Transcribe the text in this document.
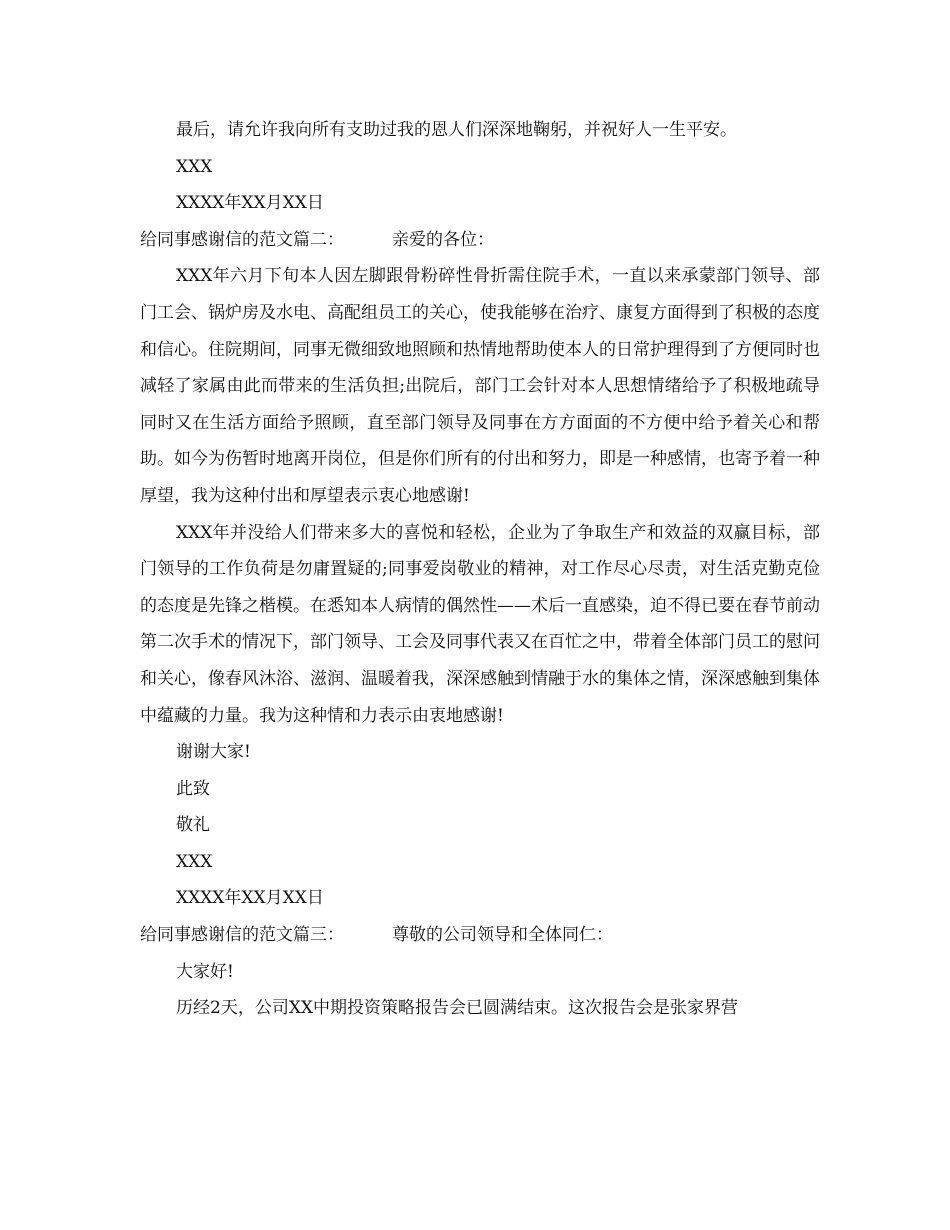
最后，请允许我向所有支助过我的恩人们深深地鞠躬，并祝好人一生平安。

XXX

XXXX年XX月XX日

给同事感谢信的范文篇二：	亲爱的各位：

XXX年六月下旬本人因左脚跟骨粉碎性骨折需住院手术，一直以来承蒙部门领导、部门工会、锅炉房及水电、高配组员工的关心，使我能够在治疗、康复方面得到了积极的态度和信心。住院期间，同事无微细致地照顾和热情地帮助使本人的日常护理得到了方便同时也减轻了家属由此而带来的生活负担;出院后，部门工会针对本人思想情绪给予了积极地疏导同时又在生活方面给予照顾，直至部门领导及同事在方方面面的不方便中给予着关心和帮助。如今为伤暂时地离开岗位，但是你们所有的付出和努力，即是一种感情，也寄予着一种厚望，我为这种付出和厚望表示衷心地感谢!

XXX年并没给人们带来多大的喜悦和轻松，企业为了争取生产和效益的双赢目标，部门领导的工作负荷是勿庸置疑的;同事爱岗敬业的精神，对工作尽心尽责，对生活克勤克俭的态度是先锋之楷模。在悉知本人病情的偶然性——术后一直感染，迫不得已要在春节前动第二次手术的情况下，部门领导、工会及同事代表又在百忙之中，带着全体部门员工的慰问和关心，像春风沐浴、滋润、温暖着我，深深感触到情融于水的集体之情，深深感触到集体中蕴藏的力量。我为这种情和力表示由衷地感谢!

谢谢大家!

此致

敬礼

XXX

XXXX年XX月XX日

给同事感谢信的范文篇三：	尊敬的公司领导和全体同仁：

大家好!

历经2天，公司XX中期投资策略报告会已圆满结束。这次报告会是张家界营
